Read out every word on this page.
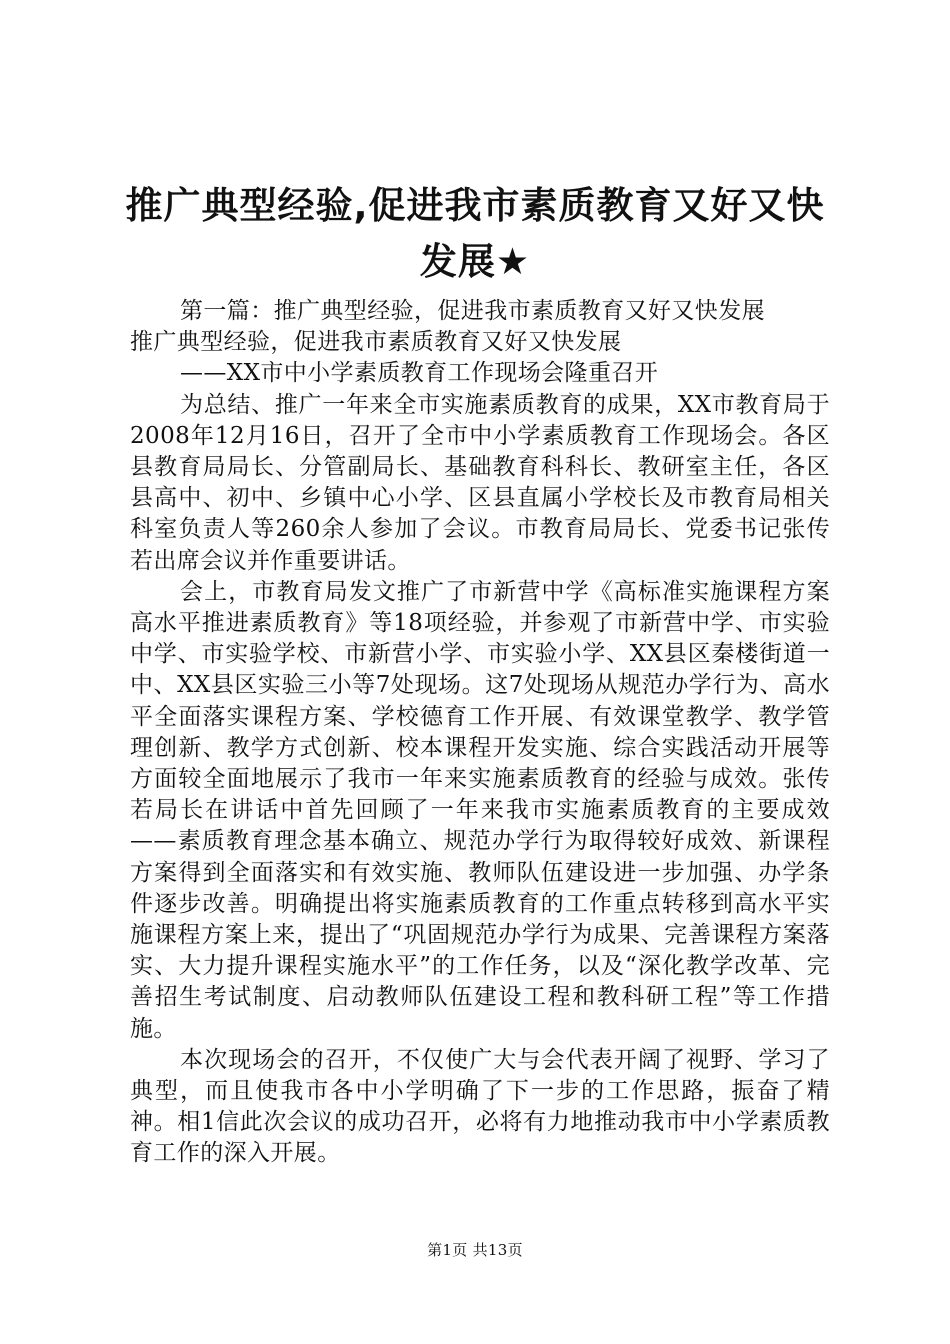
推广典型经验,促进我市素质教育又好又快发展★

第一篇：推广典型经验，促进我市素质教育又好又快发展

推广典型经验，促进我市素质教育又好又快发展

——XX市中小学素质教育工作现场会隆重召开

为总结、推广一年来全市实施素质教育的成果，XX市教育局于2008年12月16日，召开了全市中小学素质教育工作现场会。各区县教育局局长、分管副局长、基础教育科科长、教研室主任，各区县高中、初中、乡镇中心小学、区县直属小学校长及市教育局相关科室负责人等260余人参加了会议。市教育局局长、党委书记张传若出席会议并作重要讲话。

会上，市教育局发文推广了市新营中学《高标准实施课程方案高水平推进素质教育》等18项经验，并参观了市新营中学、市实验中学、市实验学校、市新营小学、市实验小学、XX县区秦楼街道一中、XX县区实验三小等7处现场。这7处现场从规范办学行为、高水平全面落实课程方案、学校德育工作开展、有效课堂教学、教学管理创新、教学方式创新、校本课程开发实施、综合实践活动开展等方面较全面地展示了我市一年来实施素质教育的经验与成效。张传若局长在讲话中首先回顾了一年来我市实施素质教育的主要成效——素质教育理念基本确立、规范办学行为取得较好成效、新课程方案得到全面落实和有效实施、教师队伍建设进一步加强、办学条件逐步改善。明确提出将实施素质教育的工作重点转移到高水平实施课程方案上来，提出了“巩固规范办学行为成果、完善课程方案落实、大力提升课程实施水平”的工作任务，以及“深化教学改革、完善招生考试制度、启动教师队伍建设工程和教科研工程”等工作措施。

本次现场会的召开，不仅使广大与会代表开阔了视野、学习了典型，而且使我市各中小学明确了下一步的工作思路，振奋了精神。相1信此次会议的成功召开，必将有力地推动我市中小学素质教育工作的深入开展。

第1页 共13页
